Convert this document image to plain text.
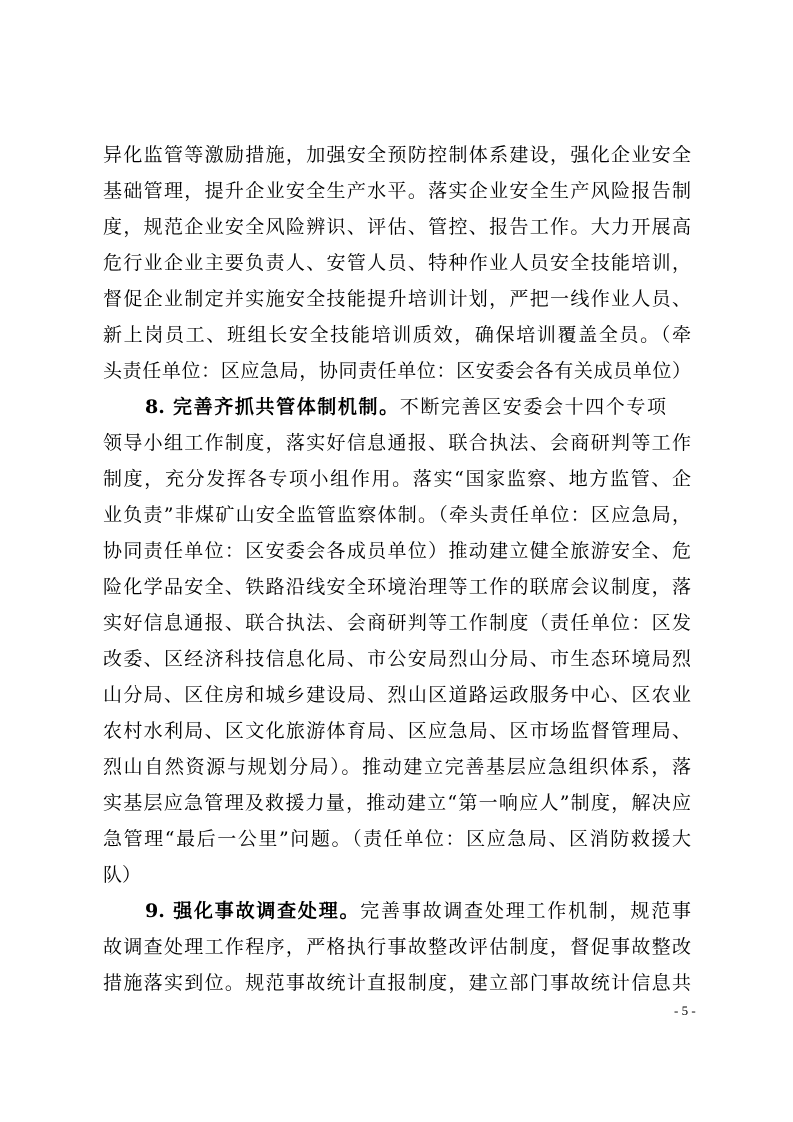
异化监管等激励措施，加强安全预防控制体系建设，强化企业安全
基础管理，提升企业安全生产水平。落实企业安全生产风险报告制
度，规范企业安全风险辨识、评估、管控、报告工作。大力开展高
危行业企业主要负责人、安管人员、特种作业人员安全技能培训，
督促企业制定并实施安全技能提升培训计划，严把一线作业人员、
新上岗员工、班组长安全技能培训质效，确保培训覆盖全员。（牵
头责任单位：区应急局，协同责任单位：区安委会各有关成员单位）
8. 完善齐抓共管体制机制。不断完善区安委会十四个专项
领导小组工作制度，落实好信息通报、联合执法、会商研判等工作
制度，充分发挥各专项小组作用。落实“国家监察、地方监管、企
业负责”非煤矿山安全监管监察体制。（牵头责任单位：区应急局，
协同责任单位：区安委会各成员单位）推动建立健全旅游安全、危
险化学品安全、铁路沿线安全环境治理等工作的联席会议制度，落
实好信息通报、联合执法、会商研判等工作制度（责任单位：区发
改委、区经济科技信息化局、市公安局烈山分局、市生态环境局烈
山分局、区住房和城乡建设局、烈山区道路运政服务中心、区农业
农村水利局、区文化旅游体育局、区应急局、区市场监督管理局、
烈山自然资源与规划分局）。推动建立完善基层应急组织体系，落
实基层应急管理及救援力量，推动建立“第一响应人”制度，解决应
急管理“最后一公里”问题。（责任单位：区应急局、区消防救援大
队）
9. 强化事故调查处理。完善事故调查处理工作机制，规范事
故调查处理工作程序，严格执行事故整改评估制度，督促事故整改
措施落实到位。规范事故统计直报制度，建立部门事故统计信息共
- 5 -
